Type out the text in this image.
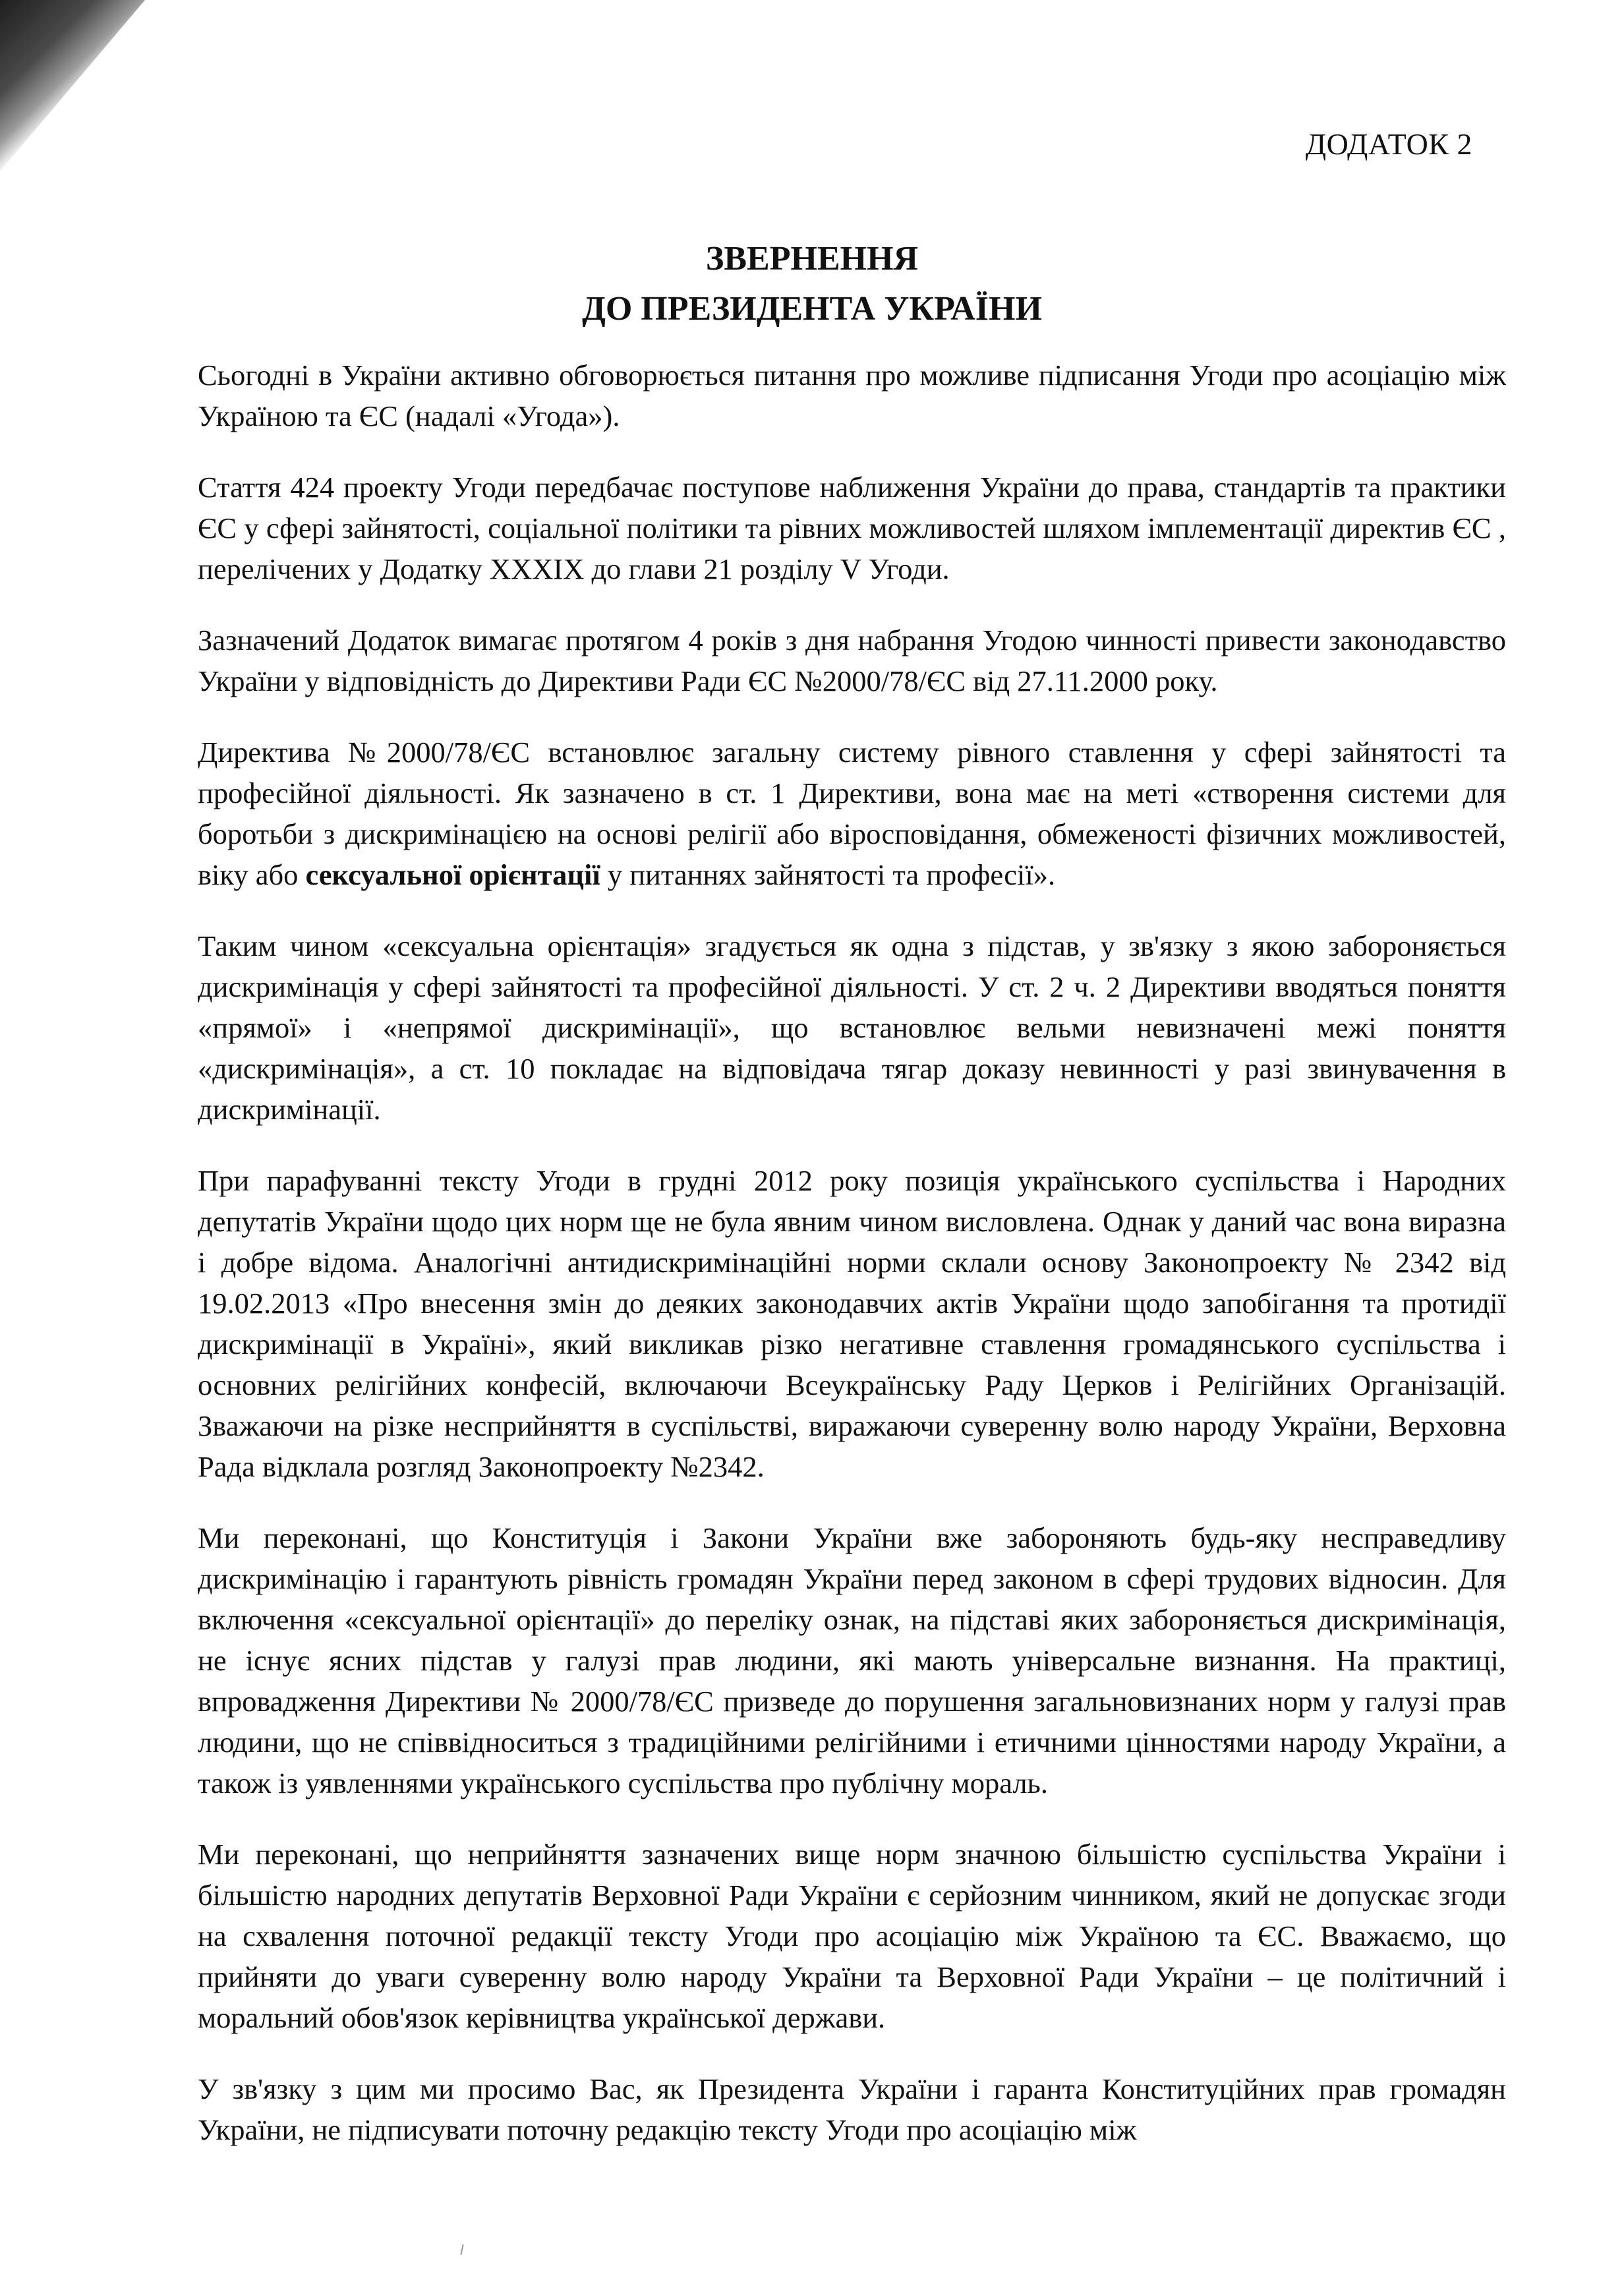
ДОДАТОК 2
ЗВЕРНЕННЯ
ДО ПРЕЗИДЕНТА УКРАЇНИ

Сьогодні в України активно обговорюється питання про можливе підписання Угоди про асоціацію між Україною та ЄС (надалі «Угода»).

Стаття 424 проекту Угоди передбачає поступове наближення України до права, стандартів та практики ЄС у сфері зайнятості, соціальної політики та рівних можливостей шляхом імплементації директив ЄС , перелічених у Додатку XXXIX до глави 21 розділу V Угоди.

Зазначений Додаток вимагає протягом 4 років з дня набрання Угодою чинності привести законодавство України у відповідність до Директиви Ради ЄС №2000/78/ЄС від 27.11.2000 року.

Директива №2000/78/ЄС встановлює загальну систему рівного ставлення у сфері зайнятості та професійної діяльності. Як зазначено в ст. 1 Директиви, вона має на меті «створення системи для боротьби з дискримінацією на основі релігії або віросповідання, обмеженості фізичних можливостей, віку або сексуальної орієнтації у питаннях зайнятості та професії».

Таким чином «сексуальна орієнтація» згадується як одна з підстав, у зв'язку з якою забороняється дискримінація у сфері зайнятості та професійної діяльності. У ст. 2 ч. 2 Директиви вводяться поняття «прямої» і «непрямої дискримінації», що встановлює вельми невизначені межі поняття «дискримінація», а ст. 10 покладає на відповідача тягар доказу невинності у разі звинувачення в дискримінації.

При парафуванні тексту Угоди в грудні 2012 року позиція українського суспільства і Народних депутатів України щодо цих норм ще не була явним чином висловлена. Однак у даний час вона виразна і добре відома. Аналогічні антидискримінаційні норми склали основу Законопроекту № 2342 від 19.02.2013 «Про внесення змін до деяких законодавчих актів України щодо запобігання та протидії дискримінації в Україні», який викликав різко негативне ставлення громадянського суспільства і основних релігійних конфесій, включаючи Всеукраїнську Раду Церков і Релігійних Організацій. Зважаючи на різке несприйняття в суспільстві, виражаючи суверенну волю народу України, Верховна Рада відклала розгляд Законопроекту №2342.

Ми переконані, що Конституція і Закони України вже забороняють будь-яку несправедливу дискримінацію і гарантують рівність громадян України перед законом в сфері трудових відносин. Для включення «сексуальної орієнтації» до переліку ознак, на підставі яких забороняється дискримінація, не існує ясних підстав у галузі прав людини, які мають універсальне визнання. На практиці, впровадження Директиви № 2000/78/ЄС призведе до порушення загальновизнаних норм у галузі прав людини, що не співвідноситься з традиційними релігійними і етичними цінностями народу України, а також із уявленнями українського суспільства про публічну мораль.

Ми переконані, що неприйняття зазначених вище норм значною більшістю суспільства України і більшістю народних депутатів Верховної Ради України є серйозним чинником, який не допускає згоди на схвалення поточної редакції тексту Угоди про асоціацію між Україною та ЄС. Вважаємо, що прийняти до уваги суверенну волю народу України та Верховної Ради України – це політичний і моральний обов'язок керівництва української держави.

У зв'язку з цим ми просимо Вас, як Президента України і гаранта Конституційних прав громадян України, не підписувати поточну редакцію тексту Угоди про асоціацію між
